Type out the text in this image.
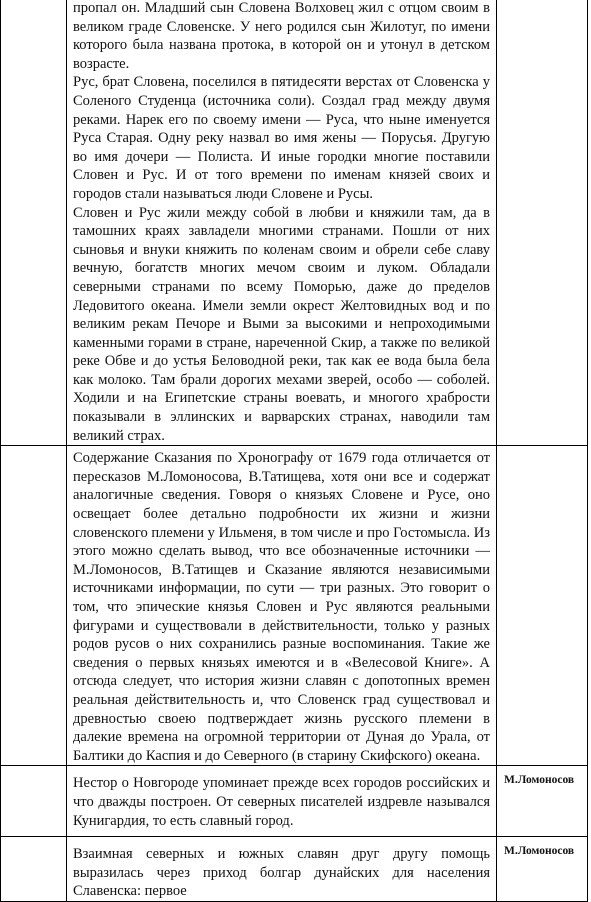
	пропал он. Младший сын Словена Волховец жил с отцом своим в великом граде Словенске. У него родился сын Жилотуг, по имени которого была названа протока, в которой он и утонул в детском возрасте.

Рус, брат Словена, поселился в пятидесяти верстах от Словенска у Соленого Студенца (источника соли). Создал град между двумя реками. Нарек его по своему имени — Руса, что ныне именуется Руса Старая. Одну реку назвал во имя жены — Порусья. Другую во имя дочери — Полиста. И иные городки многие поставили Словен и Рус. И от того времени по именам князей своих и городов стали называться люди Словене и Русы.

Словен и Рус жили между собой в любви и княжили там, да в тамошних краях завладели многими странами. Пошли от них сыновья и внуки княжить по коленам своим и обрели себе славу вечную, богатств многих мечом своим и луком. Обладали северными странами по всему Поморью, даже до пределов Ледовитого океана. Имели земли окрест Желтовидных вод и по великим рекам Печоре и Выми за высокими и непроходимыми каменными горами в стране, нареченной Скир, а также по великой реке Обве и до устья Беловодной реки, так как ее вода была бела как молоко. Там брали дорогих мехами зверей, особо — соболей. Ходили и на Египетские страны воевать, и многого храбрости показывали в эллинских и варварских странах, наводили там великий страх.	

	Содержание Сказания по Хронографу от 1679 года отличается от пересказов М.Ломоносова, В.Татищева, хотя они все и содержат аналогичные сведения. Говоря о князьях Словене и Русе, оно освещает более детально подробности их жизни и жизни словенского племени у Ильменя, в том числе и про Гостомысла. Из этого можно сделать вывод, что все обозначенные источники — М.Ломоносов, В.Татищев и Сказание являются независимыми источниками информации, по сути — три разных. Это говорит о том, что эпические князья Словен и Рус являются реальными фигурами и существовали в действительности, только у разных родов русов о них сохранились разные воспоминания. Такие же сведения о первых князьях имеются и в «Велесовой Книге». А отсюда следует, что история жизни славян с допотопных времен реальная действительность и, что Словенск град существовал и древностью своею подтверждает жизнь русского племени в далекие времена на огромной территории от Дуная до Урала, от Балтики до Каспия и до Северного (в старину Скифского) океана.	

	Нестор о Новгороде упоминает прежде всех городов российских и что дважды построен. От северных писателей издревле назывался Кунигардия, то есть славный город.	М.Ломоносов

	Взаимная северных и южных славян друг другу помощь выразилась через приход болгар дунайских для населения Славенска: первое	М.Ломоносов
